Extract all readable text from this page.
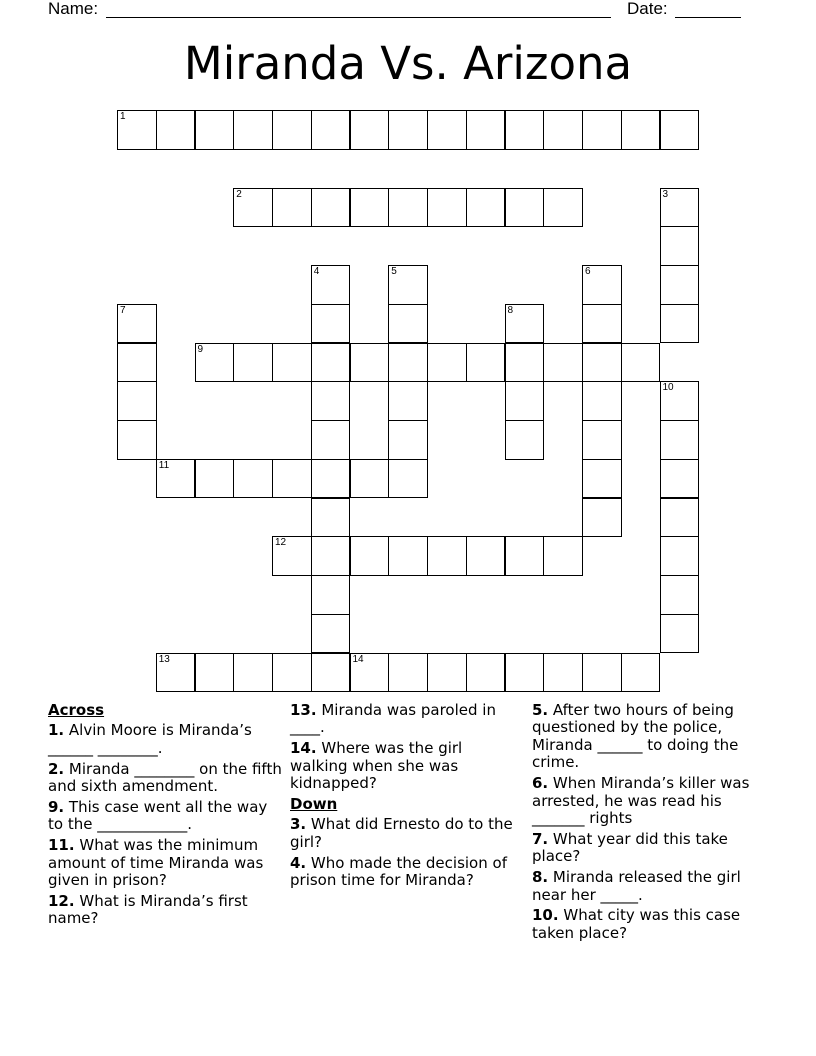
Name:	Date:
Miranda Vs. Arizona
1
2	3
4	5	6
7	8
9
10
11
12
13	14
Across
1. Alvin Moore is Miranda’s ______ ________.
2. Miranda ________ on the fifth and sixth amendment.
9. This case went all the way to the ____________.
11. What was the minimum amount of time Miranda was given in prison?
12. What is Miranda’s first name?
13. Miranda was paroled in ____.
14. Where was the girl walking when she was kidnapped?
Down
3. What did Ernesto do to the girl?
4. Who made the decision of prison time for Miranda?
5. After two hours of being questioned by the police, Miranda ______ to doing the crime.
6. When Miranda’s killer was arrested, he was read his _______ rights
7. What year did this take place?
8. Miranda released the girl near her _____.
10. What city was this case taken place?
